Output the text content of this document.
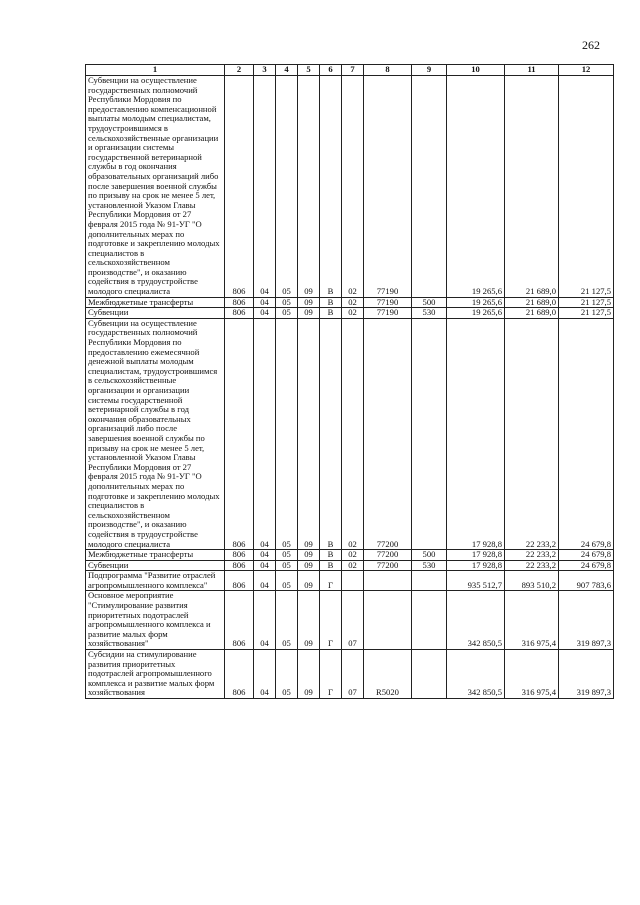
262
1	2	3	4	5	6	7	8	9	10	11	12

Субвенции на осуществление государственных полномочий Республики Мордовия по предоставлению компенсационной выплаты молодым специалистам, трудоустроившимся в сельскохозяйственные организации и организации системы государственной ветеринарной службы в год окончания образовательных организаций либо после завершения военной службы по призыву на срок не менее 5 лет, установленной Указом Главы Республики Мордовия от 27 февраля 2015 года № 91-УГ "О дополнительных мерах по подготовке и закреплению молодых специалистов в сельскохозяйственном производстве", и оказанию содействия в трудоустройстве молодого специалиста	806	04	05	09	В	02	77190		19 265,6	21 689,0	21 127,5

Межбюджетные трансферты	806	04	05	09	В	02	77190	500	19 265,6	21 689,0	21 127,5

Субвенции	806	04	05	09	В	02	77190	530	19 265,6	21 689,0	21 127,5

Субвенции на осуществление государственных полномочий Республики Мордовия по предоставлению ежемесячной денежной выплаты молодым специалистам, трудоустроившимся в сельскохозяйственные организации и организации системы государственной ветеринарной службы в год окончания образовательных организаций либо после завершения военной службы по призыву на срок не менее 5 лет, установленной Указом Главы Республики Мордовия от 27 февраля 2015 года № 91-УГ "О дополнительных мерах по подготовке и закреплению молодых специалистов в сельскохозяйственном производстве", и оказанию содействия в трудоустройстве молодого специалиста	806	04	05	09	В	02	77200		17 928,8	22 233,2	24 679,8

Межбюджетные трансферты	806	04	05	09	В	02	77200	500	17 928,8	22 233,2	24 679,8

Субвенции	806	04	05	09	В	02	77200	530	17 928,8	22 233,2	24 679,8

Подпрограмма "Развитие отраслей агропромышленного комплекса"	806	04	05	09	Г				935 512,7	893 510,2	907 783,6

Основное мероприятие "Стимулирование развития приоритетных подотраслей агропромышленного комплекса и развитие малых форм хозяйствования"	806	04	05	09	Г	07			342 850,5	316 975,4	319 897,3

Субсидии на стимулирование развития приоритетных подотраслей агропромышленного комплекса и развитие малых форм хозяйствования	806	04	05	09	Г	07	R5020		342 850,5	316 975,4	319 897,3
